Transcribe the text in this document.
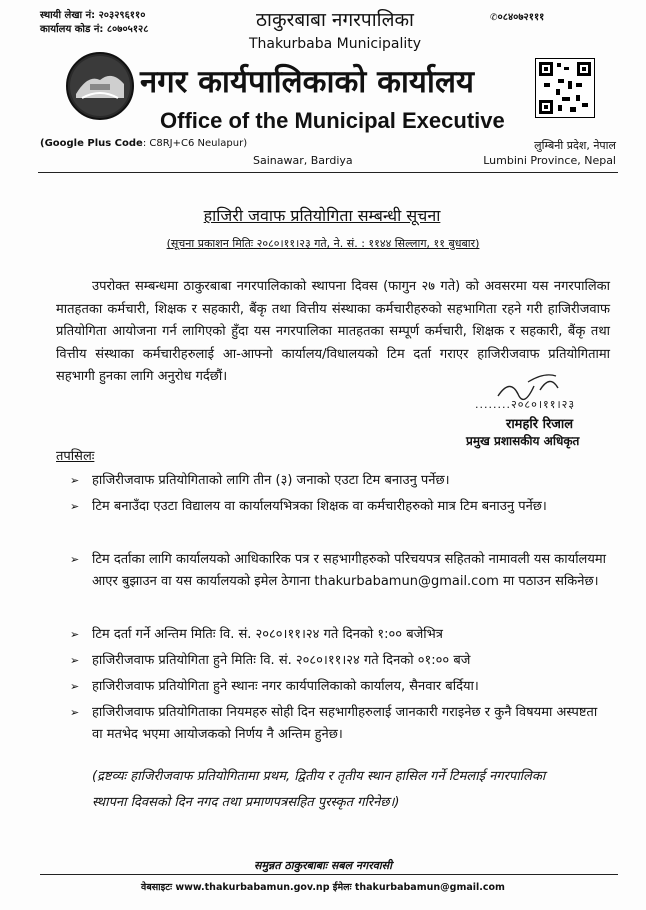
स्थायी लेखा नं: २०३२९६११०
कार्यालय कोड नं: ८०७०५१२८	ठाकुरबाबा नगरपालिका
Thakurbaba Municipality
✆०८४०७२१११
नगर कार्यपालिकाको कार्यालय
Office of the Municipal Executive
(Google Plus Code: C8RJ+C6 Neulapur)
Sainawar, Bardiya
लुम्बिनी प्रदेश, नेपाल
Lumbini Province, Nepal
हाजिरी जवाफ प्रतियोगिता सम्बन्धी सूचना
(सूचना प्रकाशन मितिः २०८०।११।२३ गते, ने. सं. : ११४४ सिल्लाग, ११ बुधबार)
उपरोक्त सम्बन्धमा ठाकुरबाबा नगरपालिकाको स्थापना दिवस (फागुन २७ गते) को अवसरमा यस नगरपालिका मातहतका कर्मचारी, शिक्षक र सहकारी, बैंकृ तथा वित्तीय संस्थाका कर्मचारीहरुको सहभागिता रहने गरी हाजिरीजवाफ प्रतियोगिता आयोजना गर्न लागिएको हुँदा यस नगरपालिका मातहतका सम्पूर्ण कर्मचारी, शिक्षक र सहकारी, बैंकृ तथा वित्तीय संस्थाका कर्मचारीहरुलाई आ-आफ्नो कार्यालय/विधालयको टिम दर्ता गराएर हाजिरीजवाफ प्रतियोगितामा सहभागी हुनका लागि अनुरोध गर्दछौं।
........२०८०।११।२३
रामहरि रिजाल
प्रमुख प्रशासकीय अधिकृत
तपसिलः
➢ हाजिरीजवाफ प्रतियोगिताको लागि तीन (३) जनाको एउटा टिम बनाउनु पर्नेछ।
➢ टिम बनाउँदा एउटा विद्यालय वा कार्यालयभित्रका शिक्षक वा कर्मचारीहरुको मात्र टिम बनाउनु पर्नेछ।
➢ टिम दर्ताका लागि कार्यालयको आधिकारिक पत्र र सहभागीहरुको परिचयपत्र सहितको नामावली यस कार्यालयमा आएर बुझाउन वा यस कार्यालयको इमेल ठेगाना thakurbabamun@gmail.com मा पठाउन सकिनेछ।
➢ टिम दर्ता गर्ने अन्तिम मितिः वि. सं. २०८०।११।२४ गते दिनको १:०० बजेभित्र
➢ हाजिरीजवाफ प्रतियोगिता हुने मितिः वि. सं. २०८०।११।२४ गते दिनको ०१:०० बजे
➢ हाजिरीजवाफ प्रतियोगिता हुने स्थानः नगर कार्यपालिकाको कार्यालय, सैनवार बर्दिया।
➢ हाजिरीजवाफ प्रतियोगिताका नियमहरु सोही दिन सहभागीहरुलाई जानकारी गराइनेछ र कुनै विषयमा अस्पष्टता वा मतभेद भएमा आयोजकको निर्णय नै अन्तिम हुनेछ।
(द्रष्टव्यः हाजिरीजवाफ प्रतियोगितामा प्रथम, द्वितीय र तृतीय स्थान हासिल गर्ने टिमलाई नगरपालिका स्थापना दिवसको दिन नगद तथा प्रमाणपत्रसहित पुरस्कृत गरिनेछ।)
समुन्नत ठाकुरबाबाः सबल नगरवासी
वेबसाइटः www.thakurbabamun.gov.np ईमेलः thakurbabamun@gmail.com
